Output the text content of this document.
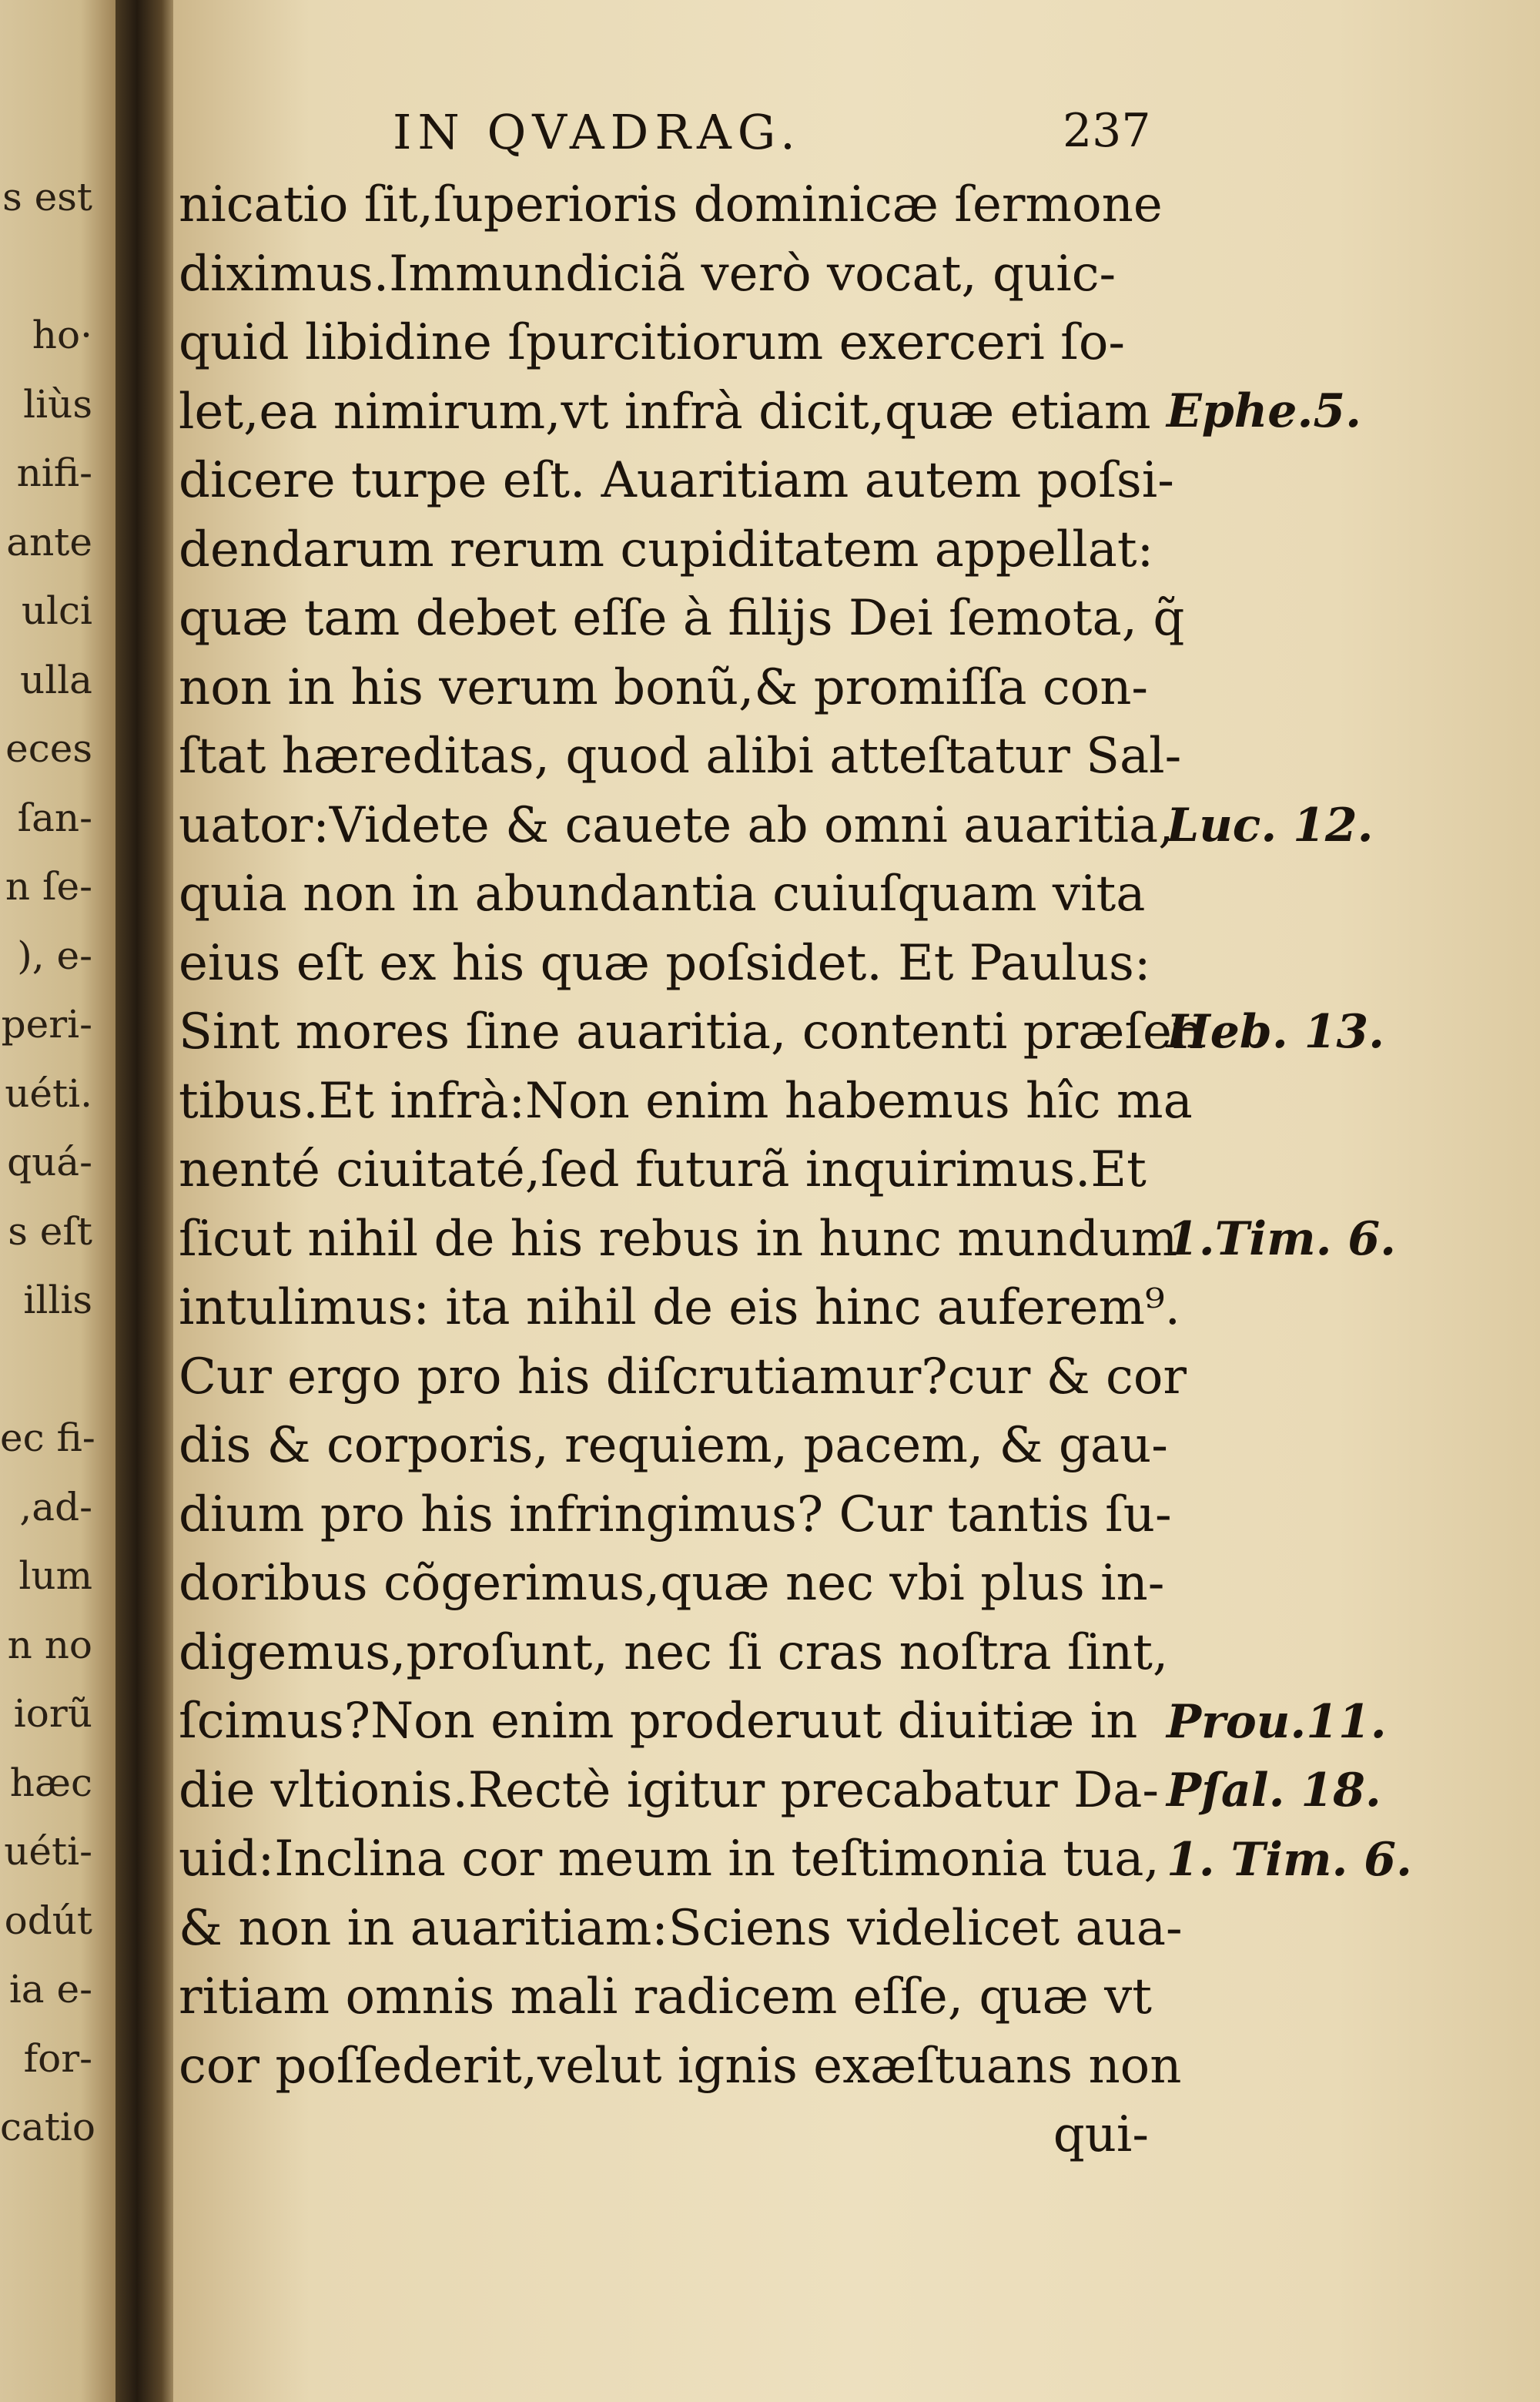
s est
ho·
liùs
nifi-
ante
ulci
ulla
eces
ſan-
n ſe-
), e-
peri-
uéti.
quá-
s eſt
illis
ec fi-
,ad-
lum
n no
iorũ
hæc
uéti-
odút
ia e-
for-
catio
IN QVADRAG.	237
nicatio ſit,ſuperioris dominicæ ſermone
diximus.Immundiciã verò vocat, quic-
quid libidine ſpurcitiorum exerceri ſo-
let,ea nimirum,vt infrà dicit,quæ etiam
dicere turpe eſt. Auaritiam autem poſsi-
dendarum rerum cupiditatem appellat:
quæ tam debet eſſe à filijs Dei ſemota, q̃
non in his verum bonũ,& promiſſa con-
ſtat hæreditas, quod alibi atteſtatur Sal-
uator:Videte & cauete ab omni auaritia,
quia non in abundantia cuiuſquam vita
eius eſt ex his quæ poſsidet. Et Paulus:
Sint mores ſine auaritia, contenti præſen
tibus.Et infrà:Non enim habemus hîc ma
nenté ciuitaté,ſed futurã inquirimus.Et
ſicut nihil de his rebus in hunc mundum
intulimus: ita nihil de eis hinc auferem⁹.
Cur ergo pro his diſcrutiamur?cur & cor
dis & corporis, requiem, pacem, & gau-
dium pro his infringimus? Cur tantis ſu-
doribus cõgerimus,quæ nec vbi plus in-
digemus,proſunt, nec ſi cras noſtra ſint,
ſcimus?Non enim proderuut diuitiæ in
die vltionis.Rectè igitur precabatur Da-
uid:Inclina cor meum in teſtimonia tua,
& non in auaritiam:Sciens videlicet aua-
ritiam omnis mali radicem eſſe, quæ vt
cor poſſederit,velut ignis exæſtuans non
qui-
Ephe.5.
Luc. 12.
Heb. 13.
1.Tim. 6.
Prou.11.
Pſal. 18.
1. Tim. 6.
